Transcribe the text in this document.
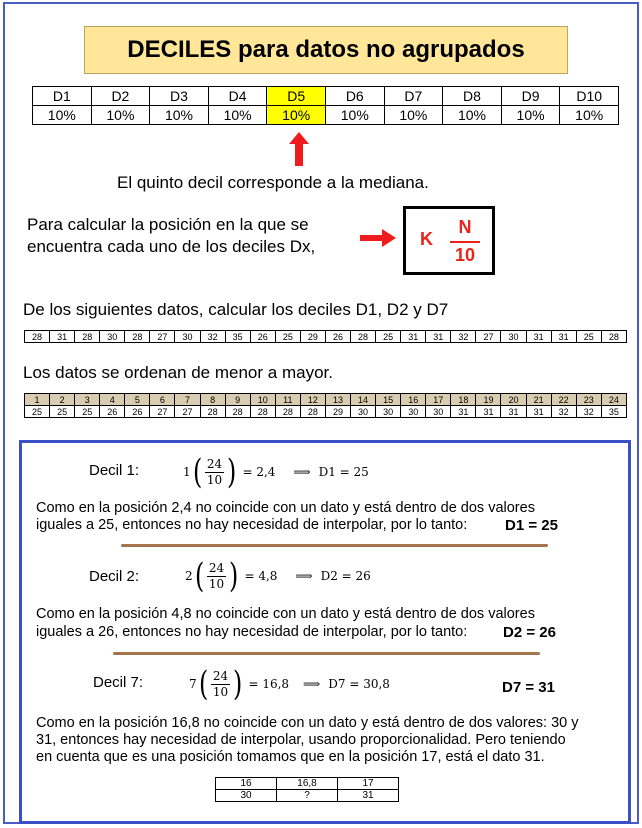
DECILES para datos no agrupados
D1	D2	D3	D4	D5	D6	D7	D8	D9	D10
10%	10%	10%	10%	10%	10%	10%	10%	10%	10%
El quinto decil corresponde a la mediana.
Para calcular la posición en la que se
encuentra cada uno de los deciles Dx,	K
N
10
De los siguientes datos, calcular los deciles D1, D2 y D7
28	31	28	30	28	27	30	32	35	26	25	29	26	28	25	31	31	32	27	30	31	31	25	28
Los datos se ordenan de menor a mayor.
1	2	3	4	5	6	7	8	9	10	11	12	13	14	15	16	17	18	19	20	21	22	23	24
25	25	25	26	26	27	27	28	28	28	28	28	29	30	30	30	30	31	31	31	31	32	32	35
Decil 1:	1 ( $\frac{24}{10}$ ) = 2,4 ⟹ D1 = 25
Como en la posición 2,4 no coincide con un dato y está dentro de dos valores
iguales a 25, entonces no hay necesidad de interpolar, por lo tanto:	D1 = 25
Decil 2:	2 ( $\frac{24}{10}$ ) = 4,8 ⟹ D2 = 26
Como en la posición 4,8 no coincide con un dato y está dentro de dos valores
iguales a 26, entonces no hay necesidad de interpolar, por lo tanto: D2 = 26
Decil 7:	7 ( $\frac{24}{10}$ ) = 16,8 ⟹ D7 = 30,8	D7 = 31
Como en la posición 16,8 no coincide con un dato y está dentro de dos valores: 30 y
31, entonces hay necesidad de interpolar, usando proporcionalidad. Pero teniendo
en cuenta que es una posición tomamos que en la posición 17, está el dato 31.
16	16,8	17
30	?	31
